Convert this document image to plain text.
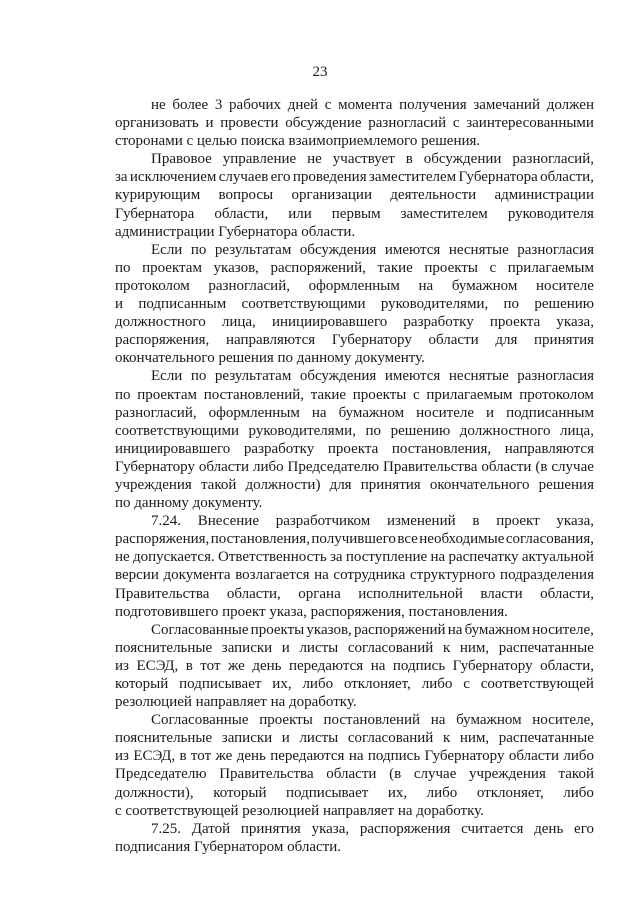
23
не более 3 рабочих дней с момента получения замечаний должен
организовать и провести обсуждение разногласий с заинтересованными
сторонами с целью поиска взаимоприемлемого решения.
Правовое управление не участвует в обсуждении разногласий,
за исключением случаев его проведения заместителем Губернатора области,
курирующим вопросы организации деятельности администрации
Губернатора области, или первым заместителем руководителя
администрации Губернатора области.
Если по результатам обсуждения имеются неснятые разногласия
по проектам указов, распоряжений, такие проекты с прилагаемым
протоколом разногласий, оформленным на бумажном носителе
и подписанным соответствующими руководителями, по решению
должностного лица, инициировавшего разработку проекта указа,
распоряжения, направляются Губернатору области для принятия
окончательного решения по данному документу.
Если по результатам обсуждения имеются неснятые разногласия
по проектам постановлений, такие проекты с прилагаемым протоколом
разногласий, оформленным на бумажном носителе и подписанным
соответствующими руководителями, по решению должностного лица,
инициировавшего разработку проекта постановления, направляются
Губернатору области либо Председателю Правительства области (в случае
учреждения такой должности) для принятия окончательного решения
по данному документу.
7.24. Внесение разработчиком изменений в проект указа,
распоряжения, постановления, получившего все необходимые согласования,
не допускается. Ответственность за поступление на распечатку актуальной
версии документа возлагается на сотрудника структурного подразделения
Правительства области, органа исполнительной власти области,
подготовившего проект указа, распоряжения, постановления.
Согласованные проекты указов, распоряжений на бумажном носителе,
пояснительные записки и листы согласований к ним, распечатанные
из ЕСЭД, в тот же день передаются на подпись Губернатору области,
который подписывает их, либо отклоняет, либо с соответствующей
резолюцией направляет на доработку.
Согласованные проекты постановлений на бумажном носителе,
пояснительные записки и листы согласований к ним, распечатанные
из ЕСЭД, в тот же день передаются на подпись Губернатору области либо
Председателю Правительства области (в случае учреждения такой
должности), который подписывает их, либо отклоняет, либо
с соответствующей резолюцией направляет на доработку.
7.25. Датой принятия указа, распоряжения считается день его
подписания Губернатором области.
